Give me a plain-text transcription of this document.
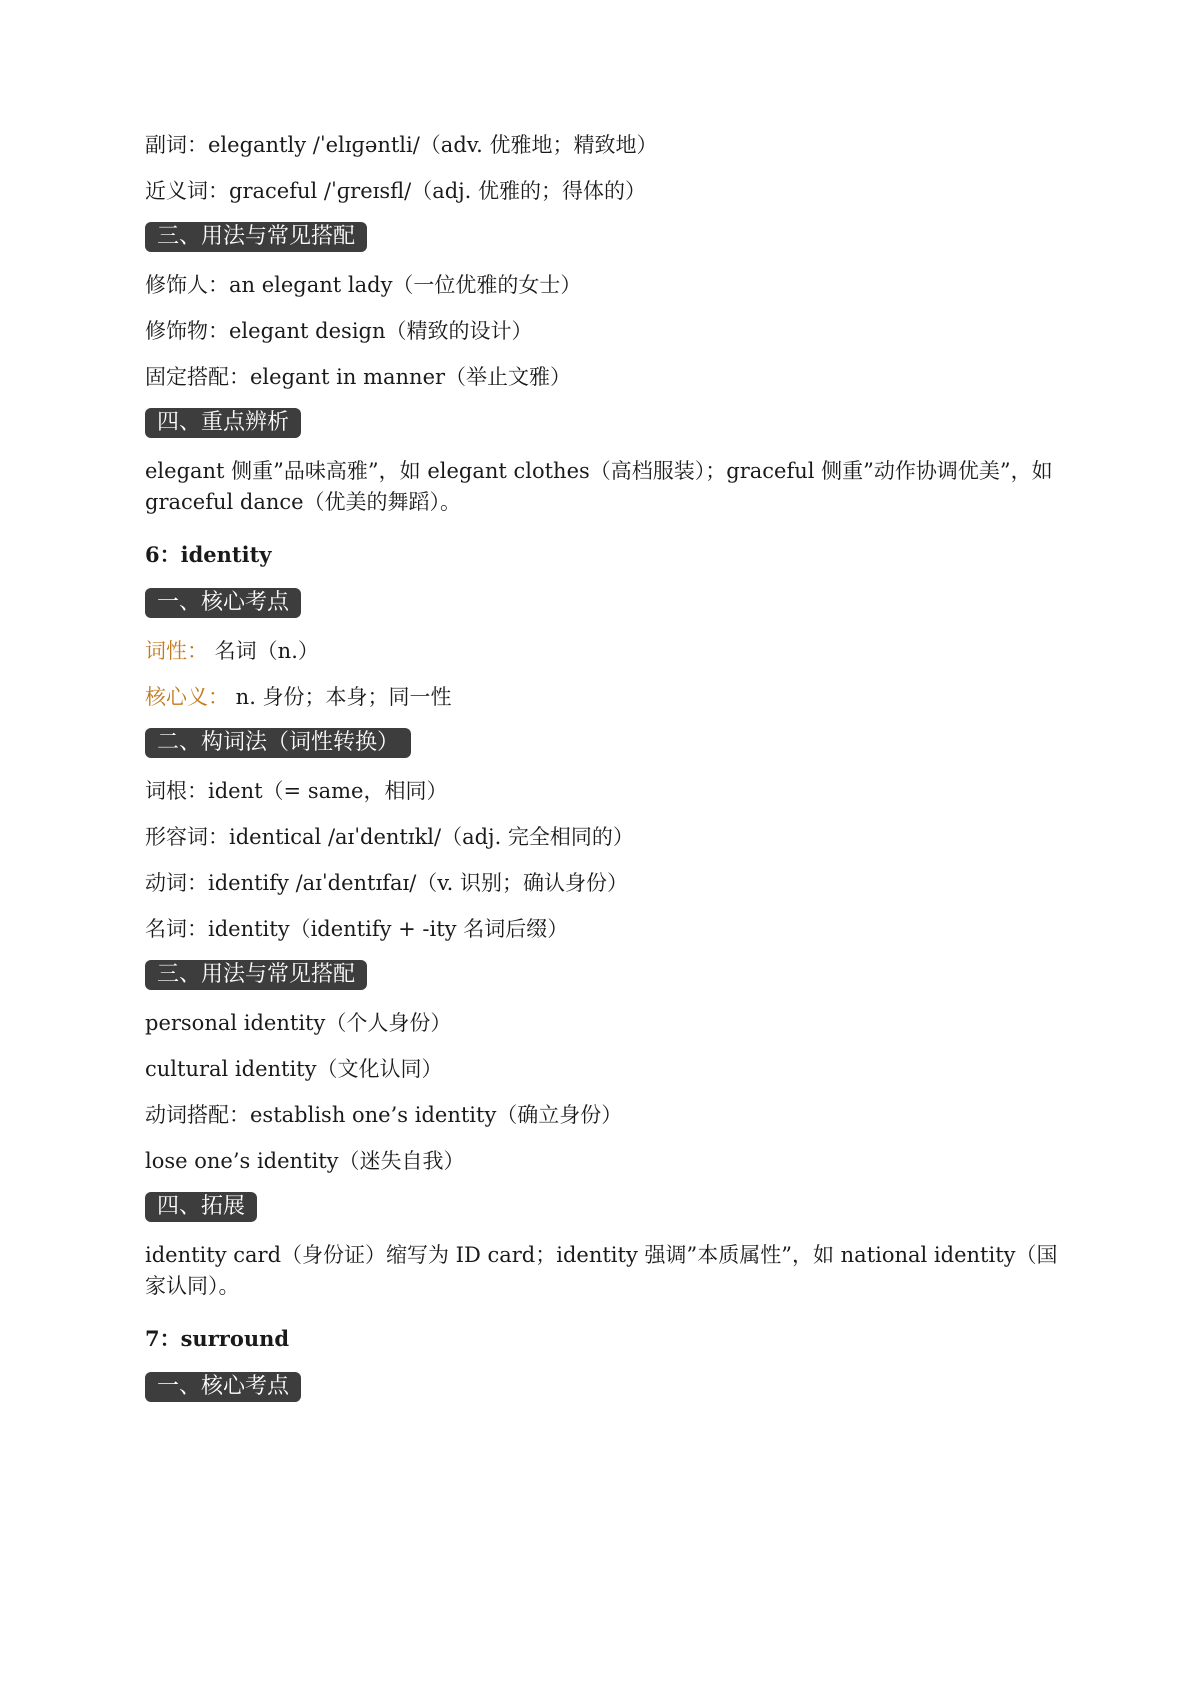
副词：elegantly /ˈelɪɡəntli/（adv. 优雅地；精致地）
近义词：graceful /ˈɡreɪsfl/（adj. 优雅的；得体的）
三、用法与常见搭配
修饰人：an elegant lady（一位优雅的女士）
修饰物：elegant design（精致的设计）
固定搭配：elegant in manner（举止文雅）
四、重点辨析
elegant 侧重”品味高雅”，如 elegant clothes（高档服装）；graceful 侧重”动作协调优美”，如 graceful dance（优美的舞蹈）。
6：identity
一、核心考点
词性： 名词（n.）
核心义： n. 身份；本身；同一性
二、构词法（词性转换）
词根：ident（= same，相同）
形容词：identical /aɪˈdentɪkl/（adj. 完全相同的）
动词：identify /aɪˈdentɪfaɪ/（v. 识别；确认身份）
名词：identity（identify + -ity 名词后缀）
三、用法与常见搭配
personal identity（个人身份）
cultural identity（文化认同）
动词搭配：establish one’s identity（确立身份）
lose one’s identity（迷失自我）
四、拓展
identity card（身份证）缩写为 ID card；identity 强调”本质属性”，如 national identity（国家认同）。
7：surround
一、核心考点
